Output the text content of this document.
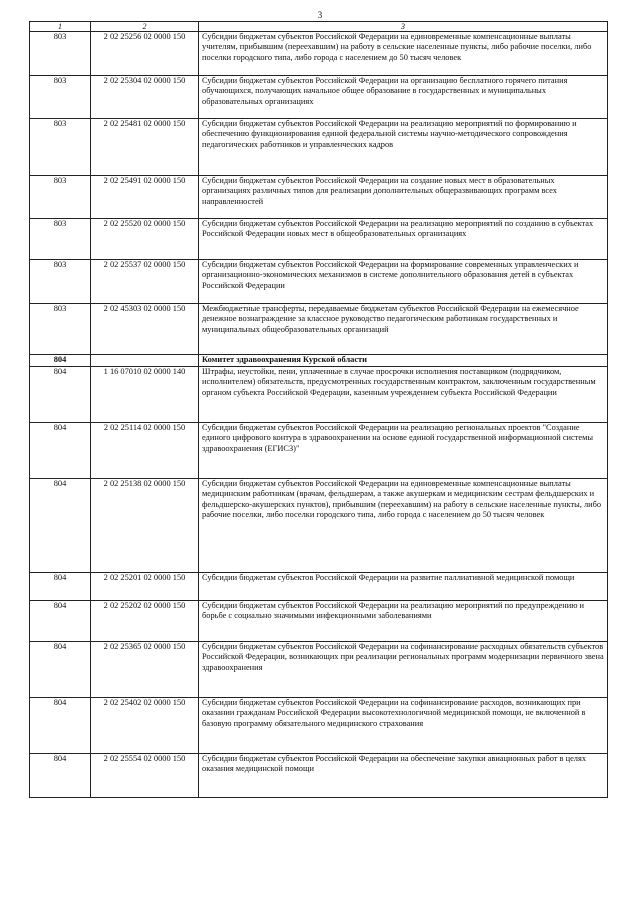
3
1	2	3
803	2 02 25256 02 0000 150	Субсидии бюджетам субъектов Российской Федерации на единовременные компенсационные выплаты учителям, прибывшим (переехавшим) на работу в сельские населенные пункты, либо рабочие поселки, либо поселки городского типа, либо города с населением до 50 тысяч человек
803	2 02 25304 02 0000 150	Субсидии бюджетам субъектов Российской Федерации на организацию бесплатного горячего питания обучающихся, получающих начальное общее образование в государственных и муниципальных образовательных организациях
803	2 02 25481 02 0000 150	Субсидии бюджетам субъектов Российской Федерации на реализацию мероприятий по формированию и обеспечению функционирования единой федеральной системы научно-методического сопровождения педагогических работников и управленческих кадров
803	2 02 25491 02 0000 150	Субсидии бюджетам субъектов Российской Федерации на создание новых мест в образовательных организациях различных типов для реализации дополнительных общеразвивающих программ всех направленностей
803	2 02 25520 02 0000 150	Субсидии бюджетам субъектов Российской Федерации на реализацию мероприятий по созданию в субъектах Российской Федерации новых мест в общеобразовательных организациях
803	2 02 25537 02 0000 150	Субсидии бюджетам субъектов Российской Федерации на формирование современных управленческих и организационно-экономических механизмов в системе дополнительного образования детей в субъектах Российской Федерации
803	2 02 45303 02 0000 150	Межбюджетные трансферты, передаваемые бюджетам субъектов Российской Федерации на ежемесячное денежное вознаграждение за классное руководство педагогическим работникам государственных и муниципальных общеобразовательных организаций
804		Комитет здравоохранения Курской области
804	1 16 07010 02 0000 140	Штрафы, неустойки, пени, уплаченные в случае просрочки исполнения поставщиком (подрядчиком, исполнителем) обязательств, предусмотренных государственным контрактом, заключенным государственным органом субъекта Российской Федерации, казенным учреждением субъекта Российской Федерации
804	2 02 25114 02 0000 150	Субсидии бюджетам субъектов Российской Федерации на реализацию региональных проектов "Создание единого цифрового контура в здравоохранении на основе единой государственной информационной системы здравоохранения (ЕГИСЗ)"
804	2 02 25138 02 0000 150	Субсидии бюджетам субъектов Российской Федерации на единовременные компенсационные выплаты медицинским работникам (врачам, фельдшерам, а также акушеркам и медицинским сестрам фельдшерских и фельдшерско-акушерских пунктов), прибывшим (переехавшим) на работу в сельские населенные пункты, либо рабочие поселки, либо поселки городского типа, либо города с населением до 50 тысяч человек
804	2 02 25201 02 0000 150	Субсидии бюджетам субъектов Российской Федерации на развитие паллиативной медицинской помощи
804	2 02 25202 02 0000 150	Субсидии бюджетам субъектов Российской Федерации на реализацию мероприятий по предупреждению и борьбе с социально значимыми инфекционными заболеваниями
804	2 02 25365 02 0000 150	Субсидии бюджетам субъектов Российской Федерации на софинансирование расходных обязательств субъектов Российской Федерации, возникающих при реализации региональных программ модернизации первичного звена здравоохранения
804	2 02 25402 02 0000 150	Субсидии бюджетам субъектов Российской Федерации на софинансирование расходов, возникающих при оказании гражданам Российской Федерации высокотехнологичной медицинской помощи, не включенной в базовую программу обязательного медицинского страхования
804	2 02 25554 02 0000 150	Субсидии бюджетам субъектов Российской Федерации на обеспечение закупки авиационных работ в целях оказания медицинской помощи
